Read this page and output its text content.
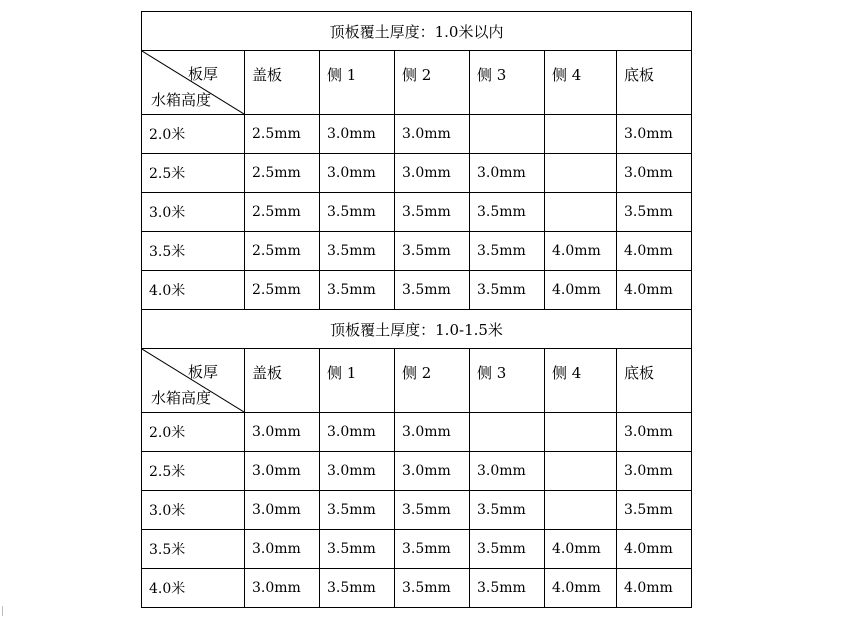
顶板覆土厚度：1.0米以内						

板厚
水箱高度	盖板	侧 1	侧 2	侧 3	侧 4	底板
2.0米	2.5mm	3.0mm	3.0mm			3.0mm
2.5米	2.5mm	3.0mm	3.0mm	3.0mm		3.0mm
3.0米	2.5mm	3.5mm	3.5mm	3.5mm		3.5mm
3.5米	2.5mm	3.5mm	3.5mm	3.5mm	4.0mm	4.0mm
4.0米	2.5mm	3.5mm	3.5mm	3.5mm	4.0mm	4.0mm
顶板覆土厚度：1.0-1.5米						

板厚
水箱高度	盖板	侧 1	侧 2	侧 3	侧 4	底板
2.0米	3.0mm	3.0mm	3.0mm			3.0mm
2.5米	3.0mm	3.0mm	3.0mm	3.0mm		3.0mm
3.0米	3.0mm	3.5mm	3.5mm	3.5mm		3.5mm
3.5米	3.0mm	3.5mm	3.5mm	3.5mm	4.0mm	4.0mm
4.0米	3.0mm	3.5mm	3.5mm	3.5mm	4.0mm	4.0mm
